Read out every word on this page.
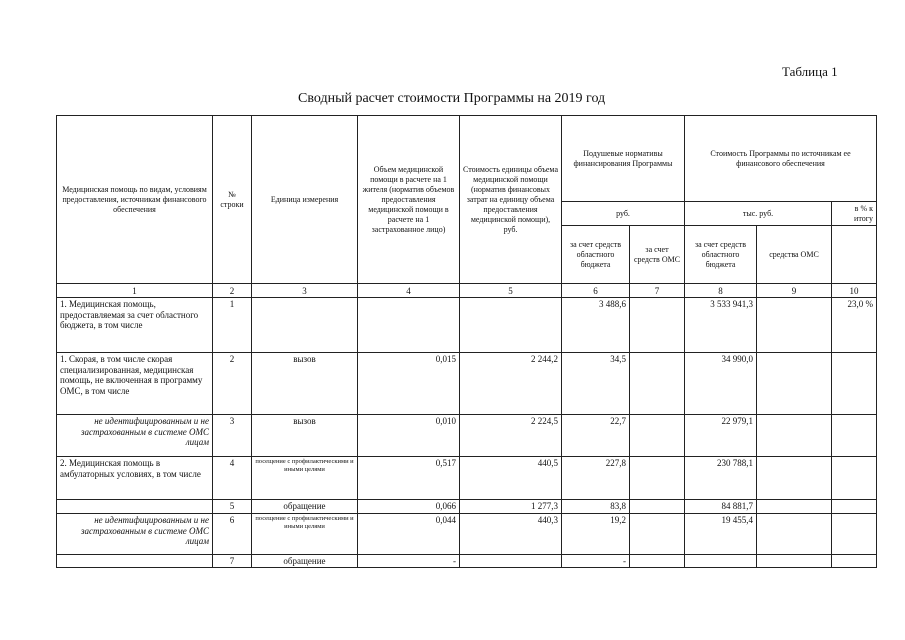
Таблица 1
Сводный расчет стоимости Программы на 2019 год
Медицинская помощь по видам, условиям предоставления, источникам финансового обеспечения	№ строки	Единица измерения	Объем медицинской помощи в расчете на 1 жителя (норматив объемов предоставления медицинской помощи в расчете на 1 застрахованное лицо)	Стоимость единицы объема медицинской помощи (норматив финансовых затрат на единицу объема предоставления медицинской помощи), руб.	Подушевые нормативы финансирования Программы		Стоимость Программы по источникам ее финансового обеспечения		
					руб.		тыс. руб.		в % к итогу
					за счет средств областного бюджета	за счет средств ОМС	за счет средств областного бюджета	средства ОМС	
1	2	3	4	5	6	7	8	9	10
1. Медицинская помощь, предоставляемая за счет областного бюджета, в том числе	1				3 488,6		3 533 941,3		23,0 %
1. Скорая, в том числе скорая специализированная, медицинская помощь, не включенная в программу ОМС, в том числе	2	вызов	0,015	2 244,2	34,5		34 990,0		
не идентифицированным и не застрахованным в системе ОМС лицам	3	вызов	0,010	2 224,5	22,7		22 979,1		
2. Медицинская помощь в амбулаторных условиях, в том числе	4	посещение с профилактическими и иными целями	0,517	440,5	227,8		230 788,1		
	5	обращение	0,066	1 277,3	83,8		84 881,7		
не идентифицированным и не застрахованным в системе ОМС лицам	6	посещение с профилактическими и иными целями	0,044	440,3	19,2		19 455,4		
	7	обращение	-		-				
